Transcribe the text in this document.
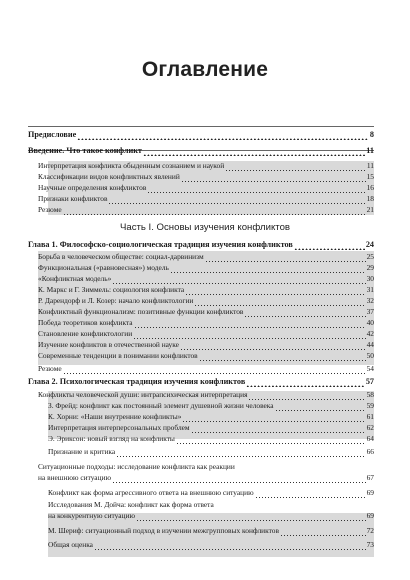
Оглавление
Часть I. Основы изучения конфликтов
Предисловие	8
Введение. Что такое конфликт	11
Интерпретация конфликта обыденным сознанием и наукой	11
Классификации видов конфликтных явлений	15
Научные определения конфликтов	16
Признаки конфликтов	18
Резюме	21
Глава 1. Философско-социологическая традиция изучения конфликтов	24
Борьба в человеческом обществе: социал-дарвинизм	25
Функциональная («равновесная») модель	29
«Конфликтная модель»	30
К. Маркс и Г. Зиммель: социология конфликта	31
Р. Дарендорф и Л. Козер: начало конфликтологии	32
Конфликтный функционализм: позитивные функции конфликтов	37
Победа теоретиков конфликта	40
Становление конфликтологии	42
Изучение конфликтов в отечественной науке	44
Современные тенденции в понимании конфликтов	50
Резюме	54
Глава 2. Психологическая традиция изучения конфликтов	57
Конфликты человеческой души: интрапсихическая интерпретация	58
З. Фрейд: конфликт как постоянный элемент душевной жизни человека	59
К. Хорни: «Наши внутренние конфликты»	61
Интерпретация интерперсональных проблем	62
Э. Эриксон: новый взгляд на конфликты	64
Признание и критика	66
Ситуационные подходы: исследование конфликта как реакции
на внешнюю ситуацию	67
Конфликт как форма агрессивного ответа на внешнюю ситуацию	69
Исследования М. Дойча: конфликт как форма ответа
на конкурентную ситуацию	69
М. Шериф: ситуационный подход в изучении межгрупповых конфликтов	72
Общая оценка	73
